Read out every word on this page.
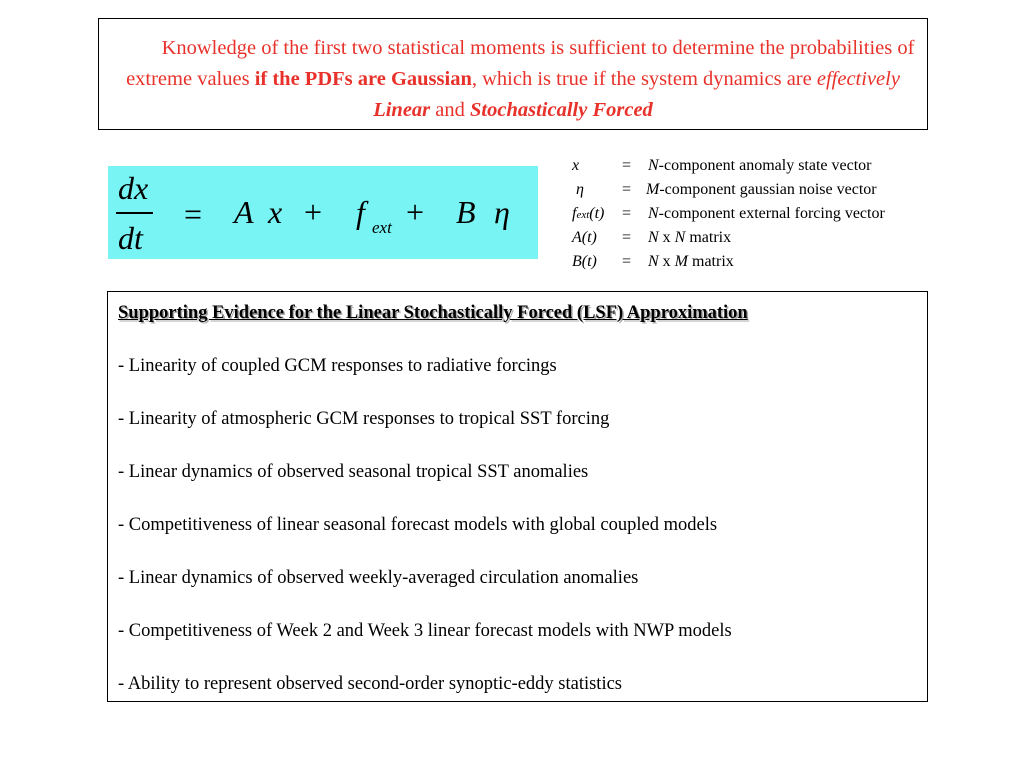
Knowledge of the first two statistical moments is sufficient to determine the probabilities of extreme values if the PDFs are Gaussian, which is true if the system dynamics are effectively Linear and Stochastically Forced
dx
dt
= A x + f ext + B η
x	= N-component anomaly state vector
η = M-component gaussian noise vector
fext(t) = N-component external forcing vector
A(t) = N x N matrix
B(t) = N x M matrix
Supporting Evidence for the Linear Stochastically Forced (LSF) Approximation
- Linearity of coupled GCM responses to radiative forcings
- Linearity of atmospheric GCM responses to tropical SST forcing
- Linear dynamics of observed seasonal tropical SST anomalies
- Competitiveness of linear seasonal forecast models with global coupled models
- Linear dynamics of observed weekly-averaged circulation anomalies
- Competitiveness of Week 2 and Week 3 linear forecast models with NWP models
- Ability to represent observed second-order synoptic-eddy statistics
